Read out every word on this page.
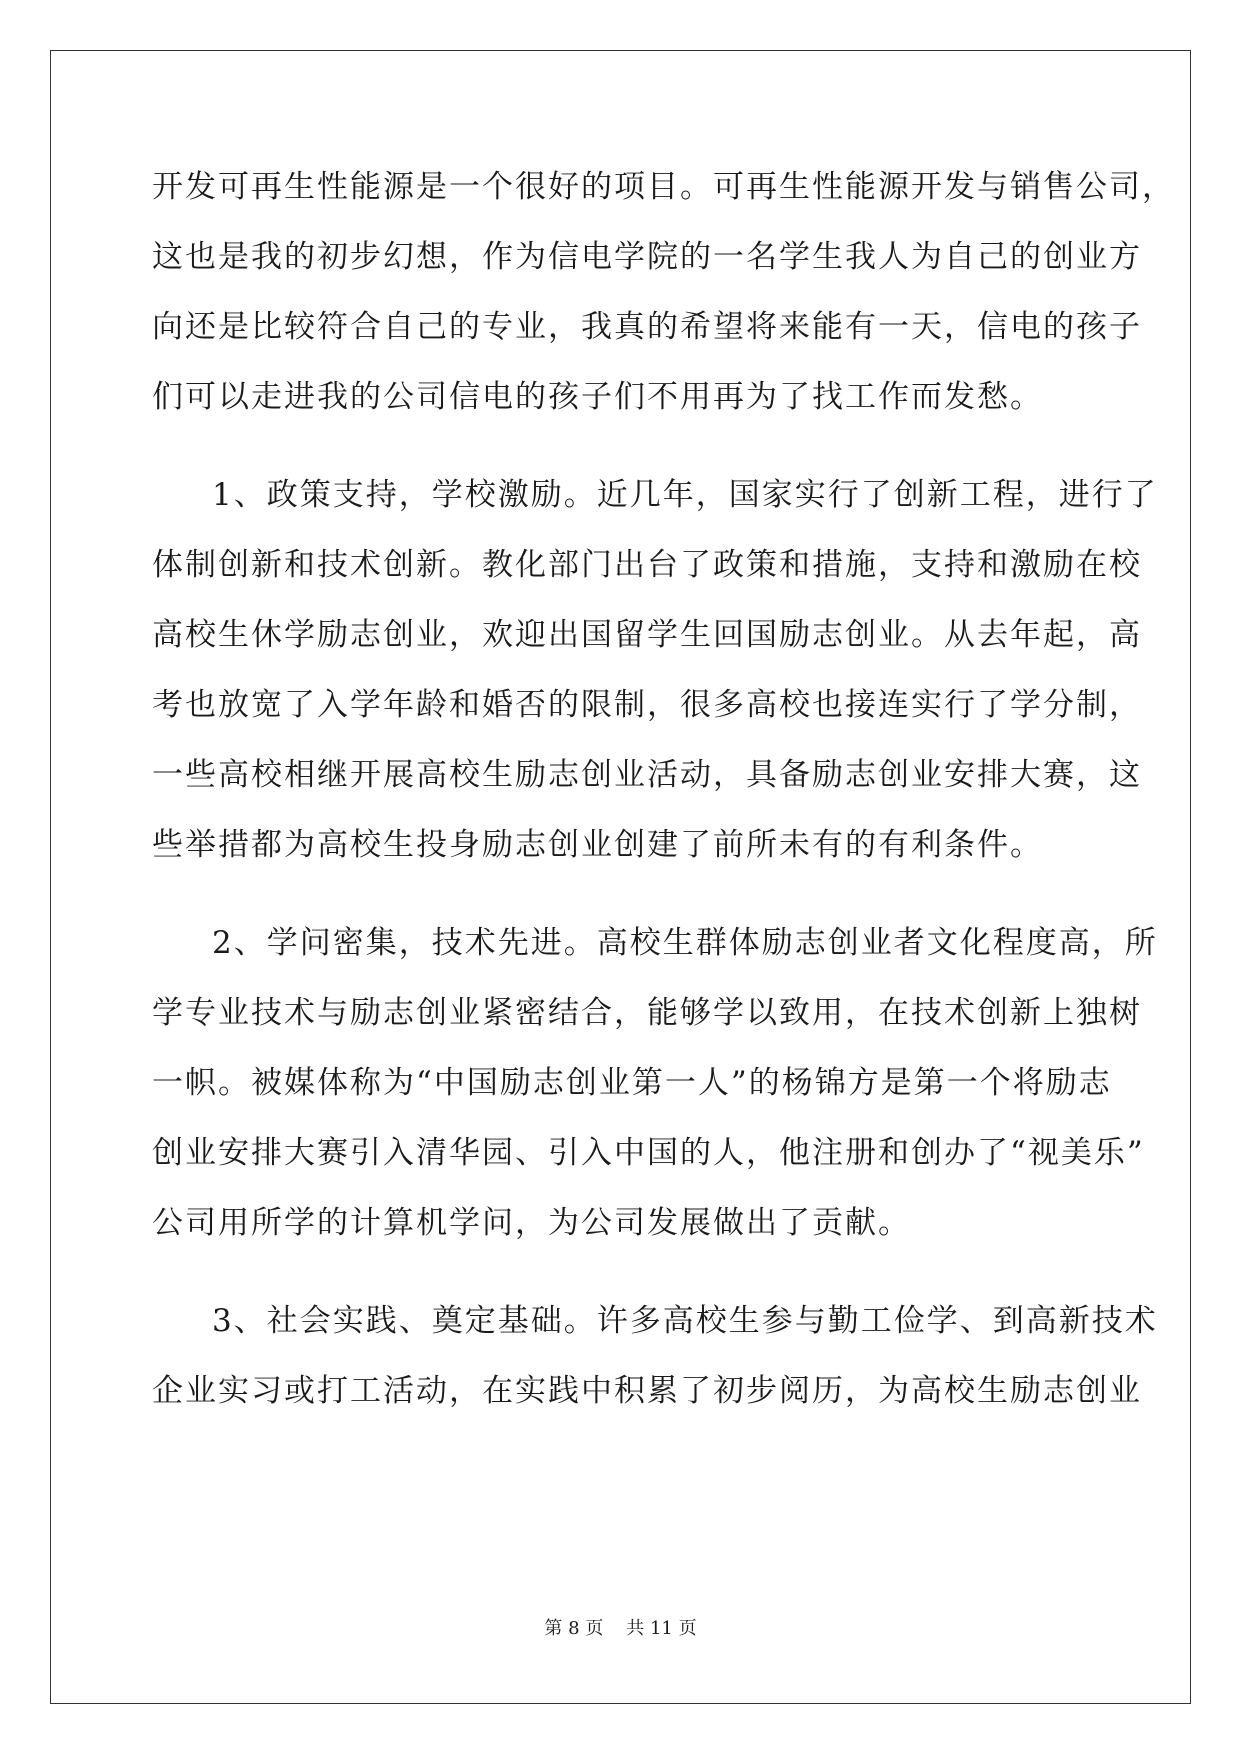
开发可再生性能源是一个很好的项目。可再生性能源开发与销售公司，
这也是我的初步幻想，作为信电学院的一名学生我人为自己的创业方
向还是比较符合自己的专业，我真的希望将来能有一天，信电的孩子
们可以走进我的公司信电的孩子们不用再为了找工作而发愁。
1、政策支持，学校激励。近几年，国家实行了创新工程，进行了
体制创新和技术创新。教化部门出台了政策和措施，支持和激励在校
高校生休学励志创业，欢迎出国留学生回国励志创业。从去年起，高
考也放宽了入学年龄和婚否的限制，很多高校也接连实行了学分制，
一些高校相继开展高校生励志创业活动，具备励志创业安排大赛，这
些举措都为高校生投身励志创业创建了前所未有的有利条件。
2、学问密集，技术先进。高校生群体励志创业者文化程度高，所
学专业技术与励志创业紧密结合，能够学以致用，在技术创新上独树
一帜。被媒体称为“中国励志创业第一人”的杨锦方是第一个将励志
创业安排大赛引入清华园、引入中国的人，他注册和创办了“视美乐”
公司用所学的计算机学问，为公司发展做出了贡献。
3、社会实践、奠定基础。许多高校生参与勤工俭学、到高新技术
企业实习或打工活动，在实践中积累了初步阅历，为高校生励志创业
第 8 页 共 11 页
